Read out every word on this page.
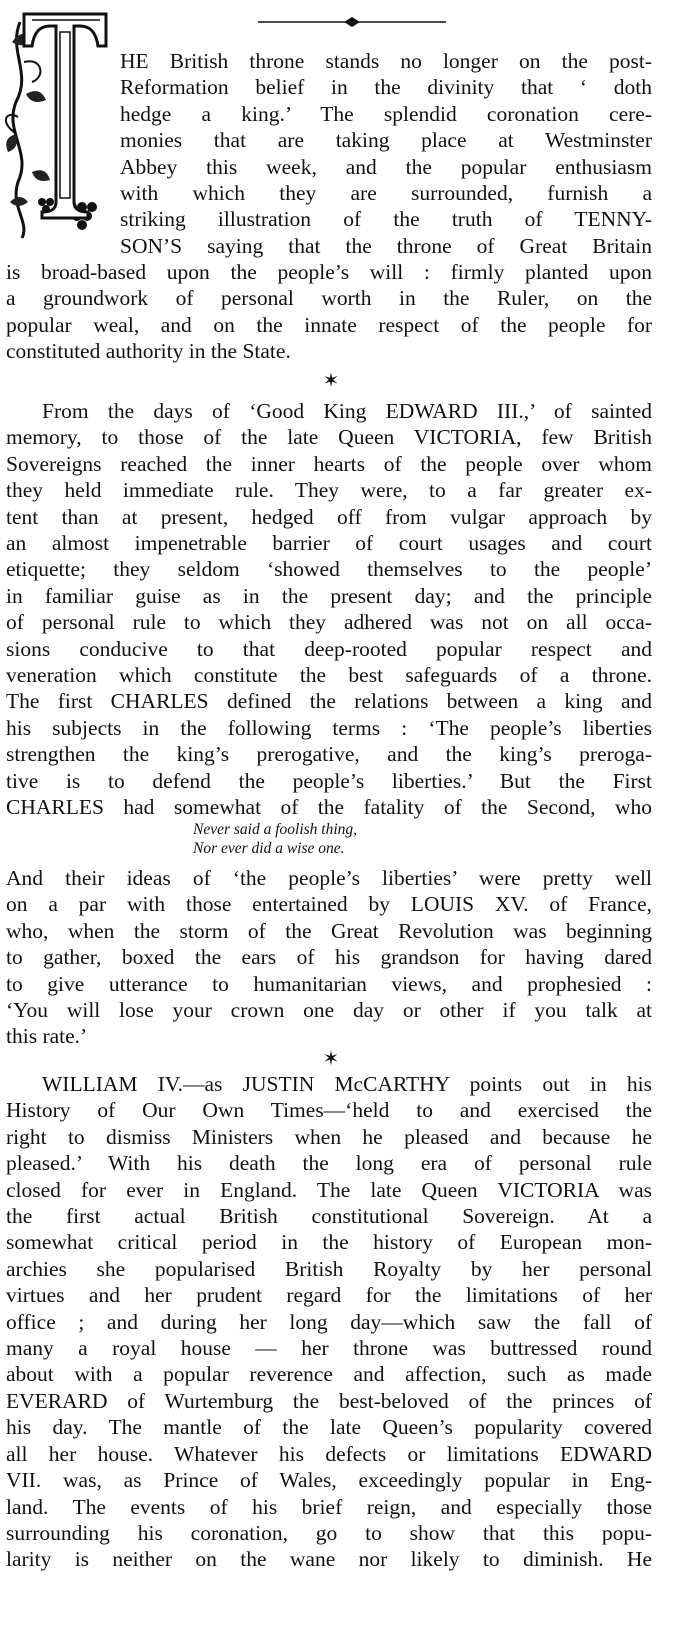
HE British throne stands no longer on the post-
Reformation belief in the divinity that ‘ doth
hedge a king.’ The splendid coronation cere-
monies that are taking place at Westminster
Abbey this week, and the popular enthusiasm
with which they are surrounded, furnish a
striking illustration of the truth of TENNY-
SON’S saying that the throne of Great Britain
is broad-based upon the people’s will : firmly planted upon
a groundwork of personal worth in the Ruler, on the
popular weal, and on the innate respect of the people for
constituted authority in the State.
✶
From the days of ‘Good King EDWARD III.,’ of sainted
memory, to those of the late Queen VICTORIA, few British
Sovereigns reached the inner hearts of the people over whom
they held immediate rule. They were, to a far greater ex-
tent than at present, hedged off from vulgar approach by
an almost impenetrable barrier of court usages and court
etiquette; they seldom ‘showed themselves to the people’
in familiar guise as in the present day; and the principle
of personal rule to which they adhered was not on all occa-
sions conducive to that deep-rooted popular respect and
veneration which constitute the best safeguards of a throne.
The first CHARLES defined the relations between a king and
his subjects in the following terms : ‘The people’s liberties
strengthen the king’s prerogative, and the king’s preroga-
tive is to defend the people’s liberties.’ But the First
CHARLES had somewhat of the fatality of the Second, who
Never said a foolish thing,
Nor ever did a wise one.
And their ideas of ‘the people’s liberties’ were pretty well
on a par with those entertained by LOUIS XV. of France,
who, when the storm of the Great Revolution was beginning
to gather, boxed the ears of his grandson for having dared
to give utterance to humanitarian views, and prophesied :
‘You will lose your crown one day or other if you talk at
this rate.’
✶
WILLIAM IV.—as JUSTIN McCARTHY points out in his
History of Our Own Times—‘held to and exercised the
right to dismiss Ministers when he pleased and because he
pleased.’ With his death the long era of personal rule
closed for ever in England. The late Queen VICTORIA was
the first actual British constitutional Sovereign. At a
somewhat critical period in the history of European mon-
archies she popularised British Royalty by her personal
virtues and her prudent regard for the limitations of her
office ; and during her long day—which saw the fall of
many a royal house — her throne was buttressed round
about with a popular reverence and affection, such as made
EVERARD of Wurtemburg the best-beloved of the princes of
his day. The mantle of the late Queen’s popularity covered
all her house. Whatever his defects or limitations EDWARD
VII. was, as Prince of Wales, exceedingly popular in Eng-
land. The events of his brief reign, and especially those
surrounding his coronation, go to show that this popu-
larity is neither on the wane nor likely to diminish. He
